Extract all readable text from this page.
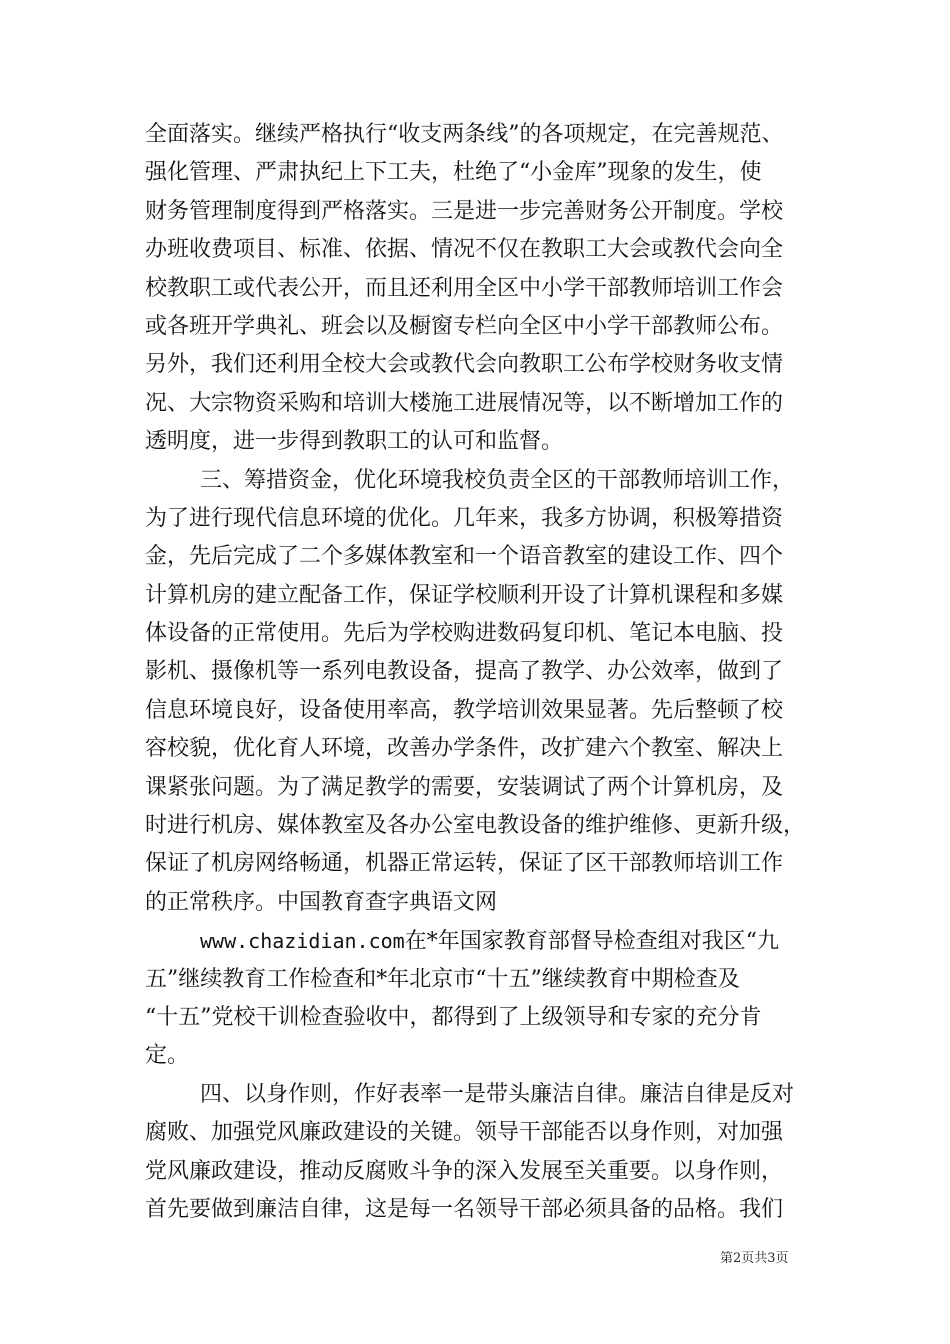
全面落实。继续严格执行“收支两条线”的各项规定，在完善规范、
强化管理、严肃执纪上下工夫，杜绝了“小金库”现象的发生，使
财务管理制度得到严格落实。三是进一步完善财务公开制度。学校
办班收费项目、标准、依据、情况不仅在教职工大会或教代会向全
校教职工或代表公开，而且还利用全区中小学干部教师培训工作会
或各班开学典礼、班会以及橱窗专栏向全区中小学干部教师公布。
另外，我们还利用全校大会或教代会向教职工公布学校财务收支情
况、大宗物资采购和培训大楼施工进展情况等，以不断增加工作的
透明度，进一步得到教职工的认可和监督。
三、筹措资金，优化环境我校负责全区的干部教师培训工作，
为了进行现代信息环境的优化。几年来，我多方协调，积极筹措资
金，先后完成了二个多媒体教室和一个语音教室的建设工作、四个
计算机房的建立配备工作，保证学校顺利开设了计算机课程和多媒
体设备的正常使用。先后为学校购进数码复印机、笔记本电脑、投
影机、摄像机等一系列电教设备，提高了教学、办公效率，做到了
信息环境良好，设备使用率高，教学培训效果显著。先后整顿了校
容校貌，优化育人环境，改善办学条件，改扩建六个教室、解决上
课紧张问题。为了满足教学的需要，安装调试了两个计算机房，及
时进行机房、媒体教室及各办公室电教设备的维护维修、更新升级，
保证了机房网络畅通，机器正常运转，保证了区干部教师培训工作
的正常秩序。中国教育查字典语文网
www.chazidian.com在*年国家教育部督导检查组对我区“九
五”继续教育工作检查和*年北京市“十五”继续教育中期检查及
“十五”党校干训检查验收中，都得到了上级领导和专家的充分肯
定。
四、以身作则，作好表率一是带头廉洁自律。廉洁自律是反对
腐败、加强党风廉政建设的关键。领导干部能否以身作则，对加强
党风廉政建设，推动反腐败斗争的深入发展至关重要。以身作则，
首先要做到廉洁自律，这是每一名领导干部必须具备的品格。我们
第2页共3页
